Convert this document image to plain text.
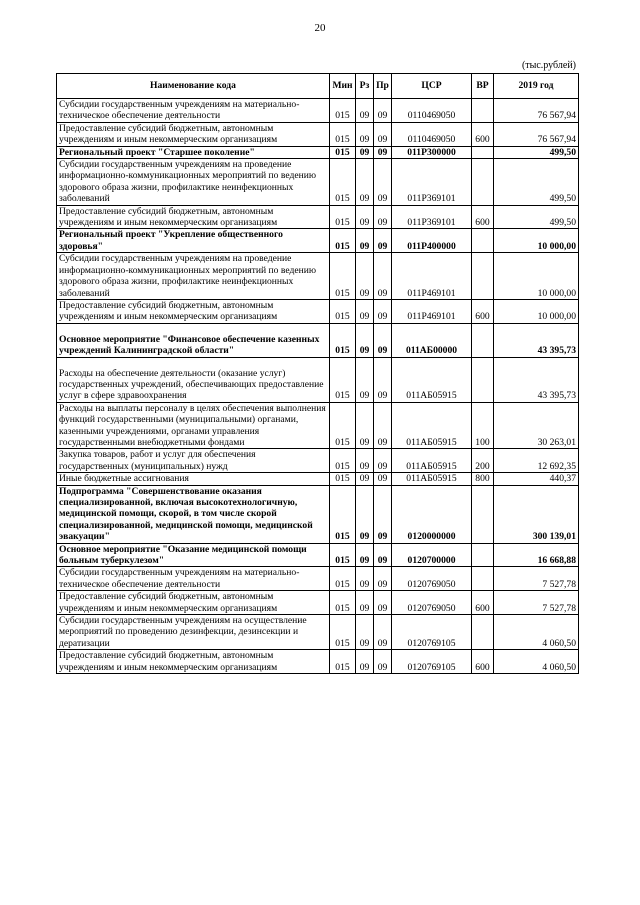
20
(тыс.рублей)
Наименование кода	Мин	Рз	Пр	ЦСР	ВР	2019 год
Субсидии государственным учреждениям на материально-техническое обеспечение деятельности	015	09	09	0110469050		76 567,94
Предоставление субсидий бюджетным, автономным учреждениям и иным некоммерческим организациям	015	09	09	0110469050	600	76 567,94
Региональный проект "Старшее поколение"	015	09	09	011P300000		499,50
Субсидии государственным учреждениям на проведение информационно-коммуникационных мероприятий по ведению здорового образа жизни, профилактике неинфекционных заболеваний	015	09	09	011P369101		499,50
Предоставление субсидий бюджетным, автономным учреждениям и иным некоммерческим организациям	015	09	09	011P369101	600	499,50
Региональный проект "Укрепление общественного здоровья"	015	09	09	011P400000		10 000,00
Субсидии государственным учреждениям на проведение информационно-коммуникационных мероприятий по ведению здорового образа жизни, профилактике неинфекционных заболеваний	015	09	09	011P469101		10 000,00
Предоставление субсидий бюджетным, автономным учреждениям и иным некоммерческим организациям	015	09	09	011P469101	600	10 000,00
Основное мероприятие "Финансовое обеспечение казенных учреждений Калининградской области"	015	09	09	011АБ00000		43 395,73
Расходы на обеспечение деятельности (оказание услуг) государственных учреждений, обеспечивающих предоставление услуг в сфере здравоохранения	015	09	09	011АБ05915		43 395,73
Расходы на выплаты персоналу в целях обеспечения выполнения функций государственными (муниципальными) органами, казенными учреждениями, органами управления государственными внебюджетными фондами	015	09	09	011АБ05915	100	30 263,01
Закупка товаров, работ и услуг для обеспечения государственных (муниципальных) нужд	015	09	09	011АБ05915	200	12 692,35
Иные бюджетные ассигнования	015	09	09	011АБ05915	800	440,37
Подпрограмма "Совершенствование оказания специализированной, включая высокотехнологичную, медицинской помощи, скорой, в том числе скорой специализированной, медицинской помощи, медицинской эвакуации"	015	09	09	0120000000		300 139,01
Основное мероприятие "Оказание медицинской помощи больным туберкулезом"	015	09	09	0120700000		16 668,88
Субсидии государственным учреждениям на материально-техническое обеспечение деятельности	015	09	09	0120769050		7 527,78
Предоставление субсидий бюджетным, автономным учреждениям и иным некоммерческим организациям	015	09	09	0120769050	600	7 527,78
Субсидии государственным учреждениям на осуществление мероприятий по проведению дезинфекции, дезинсекции и дератизации	015	09	09	0120769105		4 060,50
Предоставление субсидий бюджетным, автономным учреждениям и иным некоммерческим организациям	015	09	09	0120769105	600	4 060,50
